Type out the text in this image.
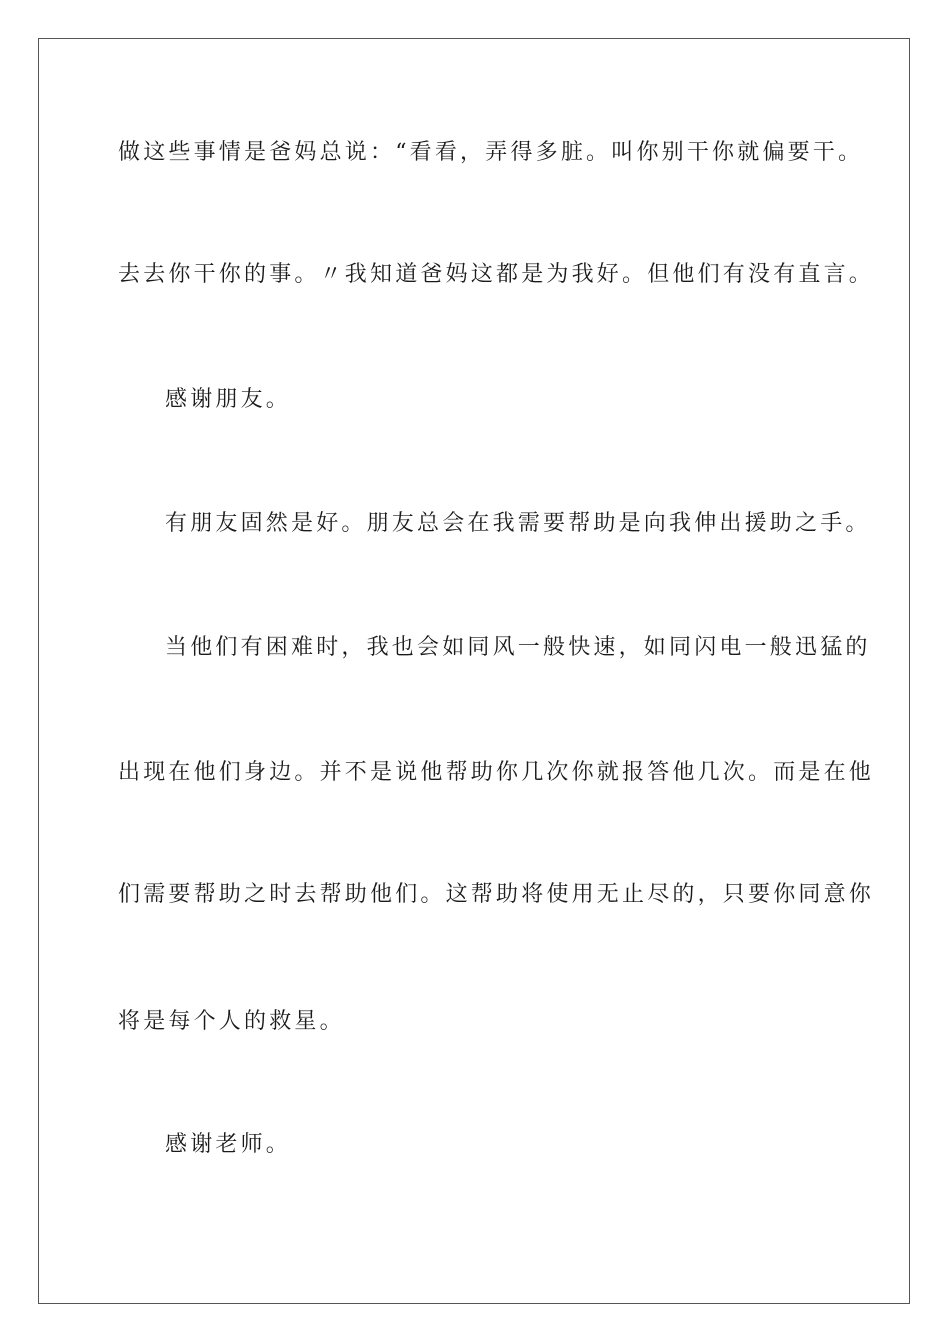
做这些事情是爸妈总说：“看看，弄得多脏。叫你别干你就偏要干。
去去你干你的事。〃我知道爸妈这都是为我好。但他们有没有直言。
感谢朋友。
有朋友固然是好。朋友总会在我需要帮助是向我伸出援助之手。
当他们有困难时，我也会如同风一般快速，如同闪电一般迅猛的
出现在他们身边。并不是说他帮助你几次你就报答他几次。而是在他
们需要帮助之时去帮助他们。这帮助将使用无止尽的，只要你同意你
将是每个人的救星。
感谢老师。
